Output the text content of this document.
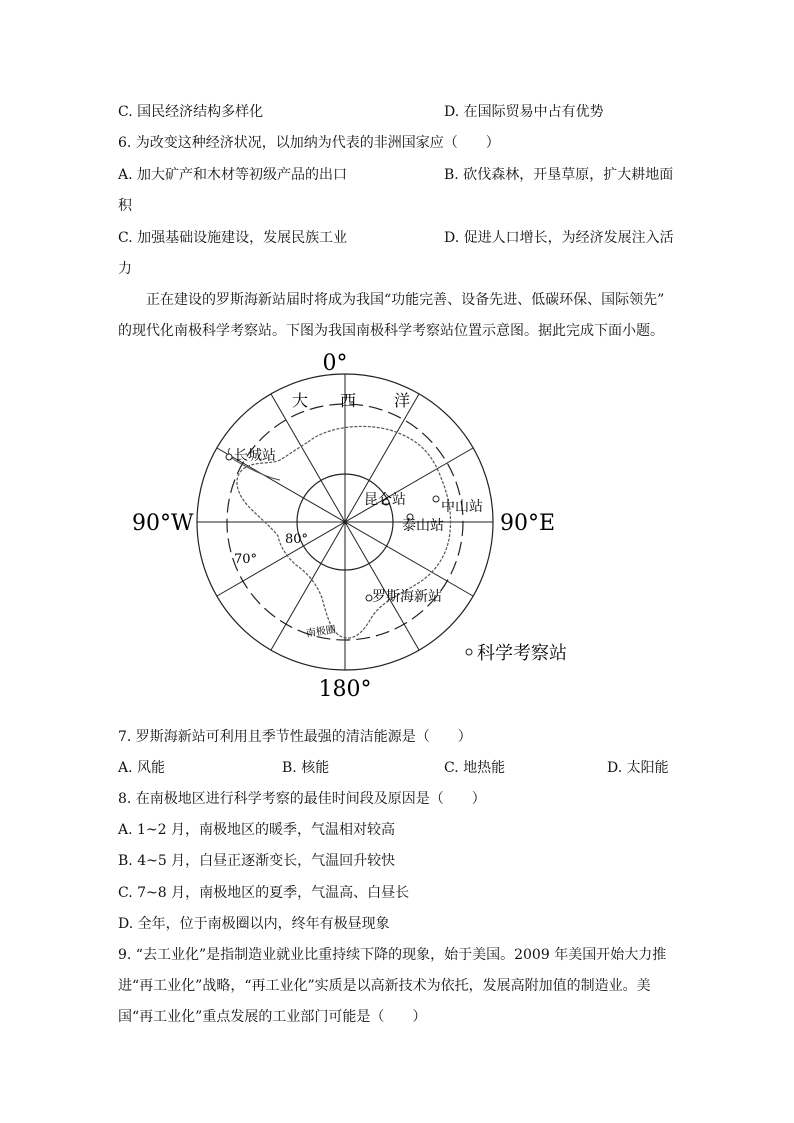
C. 国民经济结构多样化	D. 在国际贸易中占有优势
6. 为改变这种经济状况，以加纳为代表的非洲国家应（　　）
A. 加大矿产和木材等初级产品的出口	B. 砍伐森林，开垦草原，扩大耕地面
积
C. 加强基础设施建设，发展民族工业	D. 促进人口增长，为经济发展注入活
力
正在建设的罗斯海新站届时将成为我国“功能完善、设备先进、低碳环保、国际领先”
的现代化南极科学考察站。下图为我国南极科学考察站位置示意图。据此完成下面小题。
0°
180°
90°W	90°E
大 西 洋
80°
70°
南极圈
长城站
昆仑站	中山站
泰山站
罗斯海新站
科学考察站
7. 罗斯海新站可利用且季节性最强的清洁能源是（　　）
A. 风能	B. 核能	C. 地热能	D. 太阳能
8. 在南极地区进行科学考察的最佳时间段及原因是（　　）
A. 1~2 月，南极地区的暖季，气温相对较高
B. 4~5 月，白昼正逐渐变长，气温回升较快
C. 7~8 月，南极地区的夏季，气温高、白昼长
D. 全年，位于南极圈以内，终年有极昼现象
9. “去工业化”是指制造业就业比重持续下降的现象，始于美国。2009 年美国开始大力推
进“再工业化”战略，“再工业化”实质是以高新技术为依托，发展高附加值的制造业。美
国“再工业化”重点发展的工业部门可能是（　　）
